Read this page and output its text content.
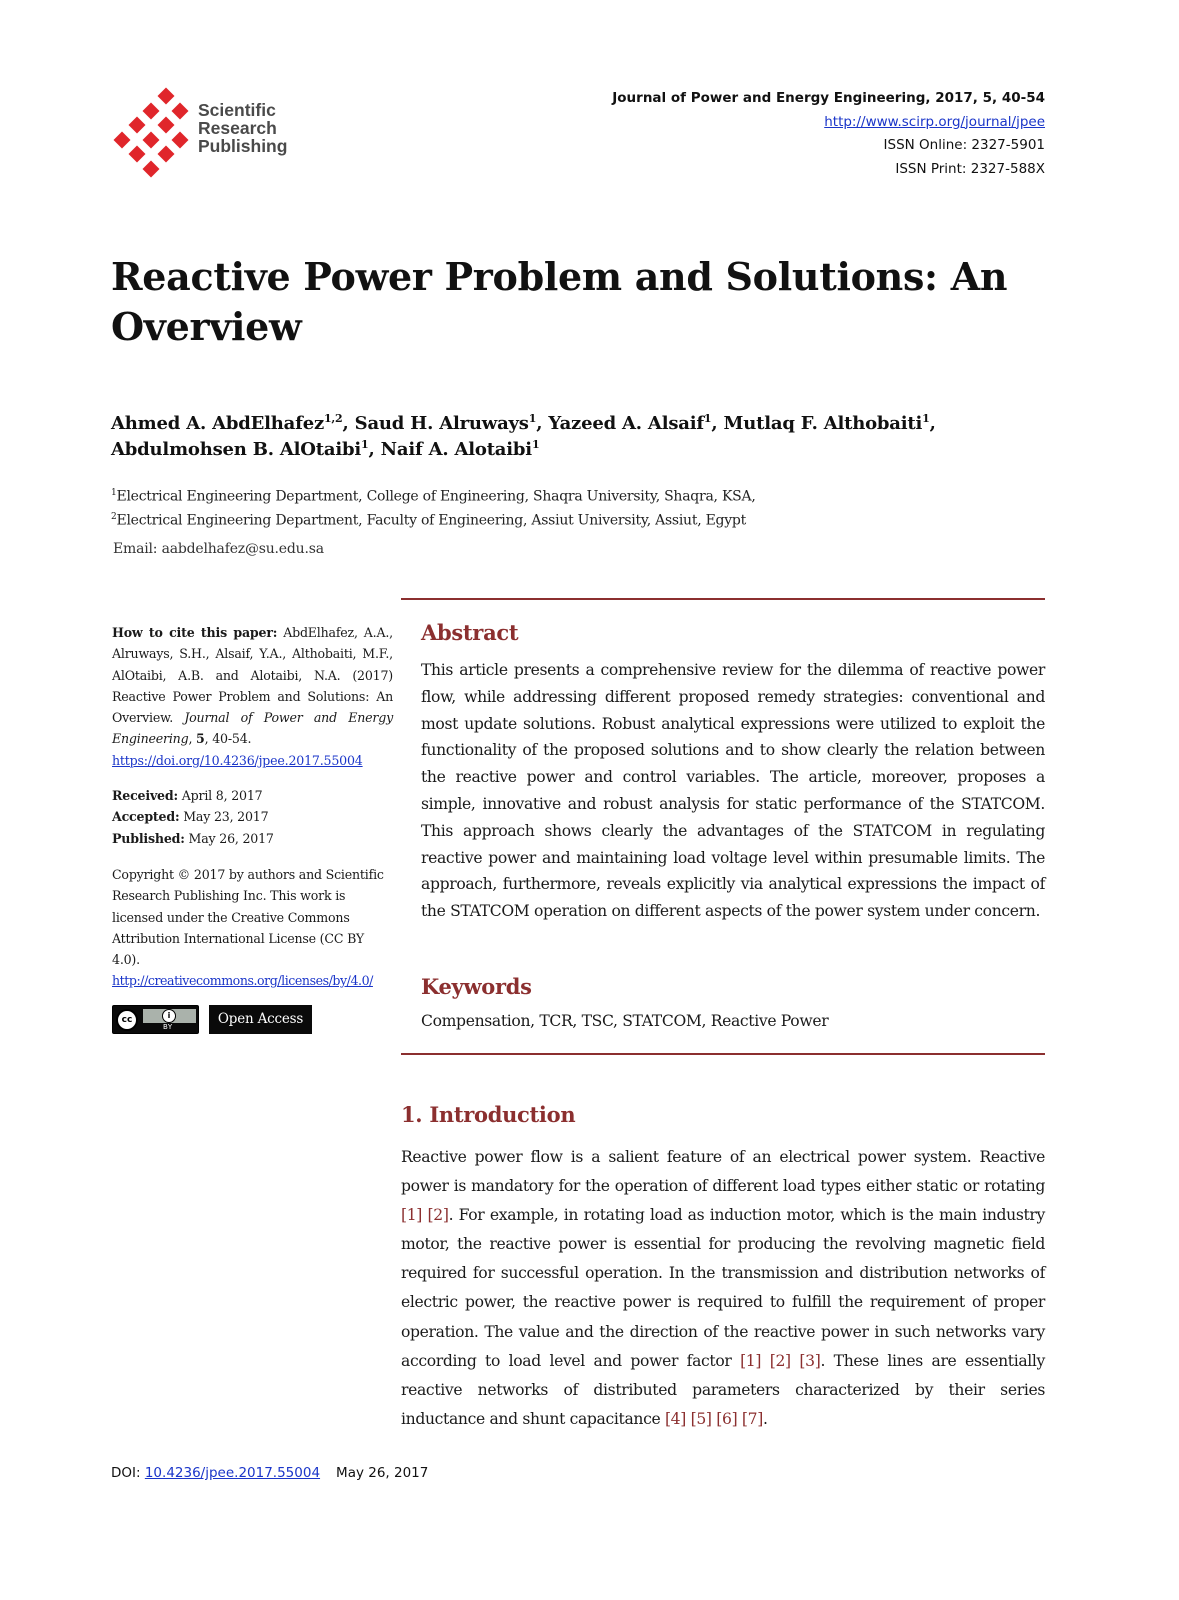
Scientific
Research
Publishing
Journal of Power and Energy Engineering, 2017, 5, 40-54
http://www.scirp.org/journal/jpee
ISSN Online: 2327-5901
ISSN Print: 2327-588X
Reactive Power Problem and Solutions: An
Overview
Ahmed A. AbdElhafez$^{1,2}$, Saud H. Alruways$^1$, Yazeed A. Alsaif$^1$, Mutlaq F. Althobaiti$^1$,
Abdulmohsen B. AlOtaibi$^1$, Naif A. Alotaibi$^1$
$^1$Electrical Engineering Department, College of Engineering, Shaqra University, Shaqra, KSA,
$^2$Electrical Engineering Department, Faculty of Engineering, Assiut University, Assiut, Egypt
Email: aabdelhafez@su.edu.sa
How to cite this paper: AbdElhafez, A.A., Alruways, S.H., Alsaif, Y.A., Althobaiti, M.F., AlOtaibi, A.B. and Alotaibi, N.A. (2017) Reactive Power Problem and Solutions: An Overview. Journal of Power and Energy Engineering, 5, 40-54.
https://doi.org/10.4236/jpee.2017.55004
Received: April 8, 2017
Accepted: May 23, 2017
Published: May 26, 2017
Copyright © 2017 by authors and Scientific Research Publishing Inc. This work is licensed under the Creative Commons Attribution International License (CC BY 4.0).
http://creativecommons.org/licenses/by/4.0/
cc	i
BY	Open Access
Abstract

This article presents a comprehensive review for the dilemma of reactive power flow, while addressing different proposed remedy strategies: conventional and most update solutions. Robust analytical expressions were utilized to exploit the functionality of the proposed solutions and to show clearly the relation between the reactive power and control variables. The article, moreover, proposes a simple, innovative and robust analysis for static performance of the STATCOM. This approach shows clearly the advantages of the STATCOM in regulating reactive power and maintaining load voltage level within presumable limits. The approach, furthermore, reveals explicitly via analytical expressions the impact of the STATCOM operation on different aspects of the power system under concern.

Keywords

Compensation, TCR, TSC, STATCOM, Reactive Power

1. Introduction

Reactive power flow is a salient feature of an electrical power system. Reactive power is mandatory for the operation of different load types either static or rotating [1] [2]. For example, in rotating load as induction motor, which is the main industry motor, the reactive power is essential for producing the revolving magnetic field required for successful operation. In the transmission and distribution networks of electric power, the reactive power is required to fulfill the requirement of proper operation. The value and the direction of the reactive power in such networks vary according to load level and power factor [1] [2] [3]. These lines are essentially reactive networks of distributed parameters characterized by their series inductance and shunt capacitance [4] [5] [6] [7].

DOI: 10.4236/jpee.2017.55004 May 26, 2017
